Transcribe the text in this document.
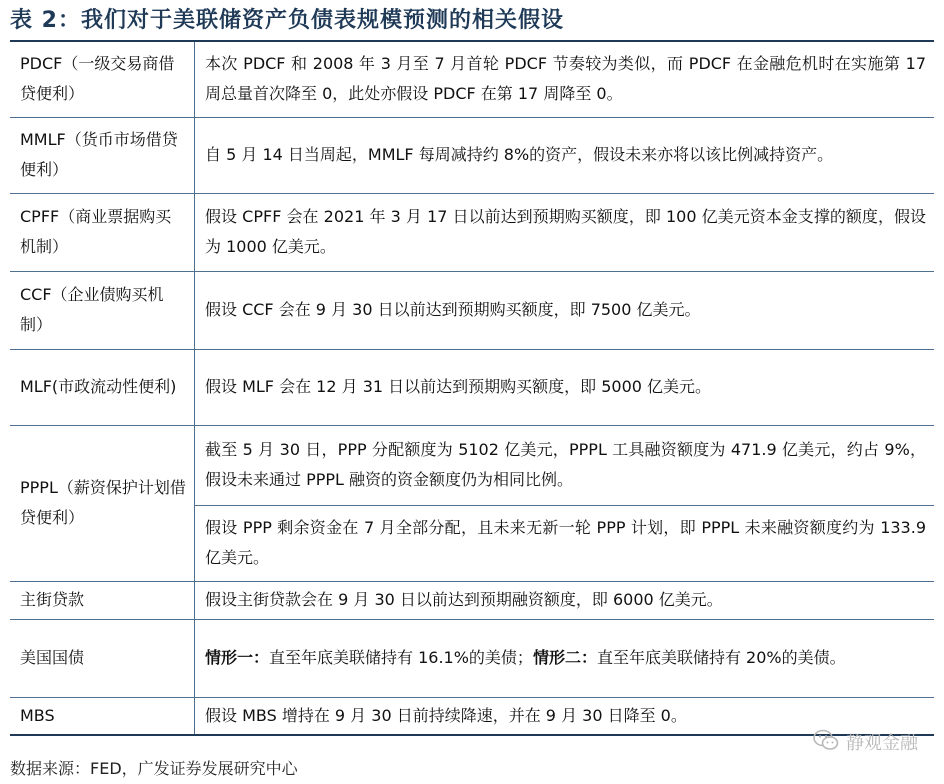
表 2：我们对于美联储资产负债表规模预测的相关假设
PDCF（一级交易商借贷便利）	本次 PDCF 和 2008 年 3 月至 7 月首轮 PDCF 节奏较为类似，而 PDCF 在金融危机时在实施第 17 周总量首次降至 0，此处亦假设 PDCF 在第 17 周降至 0。
MMLF（货币市场借贷便利）	自 5 月 14 日当周起，MMLF 每周减持约 8%的资产，假设未来亦将以该比例减持资产。
CPFF（商业票据购买机制）	假设 CPFF 会在 2021 年 3 月 17 日以前达到预期购买额度，即 100 亿美元资本金支撑的额度，假设为 1000 亿美元。
CCF（企业债购买机制）	假设 CCF 会在 9 月 30 日以前达到预期购买额度，即 7500 亿美元。
MLF(市政流动性便利)	假设 MLF 会在 12 月 31 日以前达到预期购买额度，即 5000 亿美元。
PPPL（薪资保护计划借贷便利）	截至 5 月 30 日，PPP 分配额度为 5102 亿美元，PPPL 工具融资额度为 471.9 亿美元，约占 9%，假设未来通过 PPPL 融资的资金额度仍为相同比例。
	假设 PPP 剩余资金在 7 月全部分配，且未来无新一轮 PPP 计划，即 PPPL 未来融资额度约为 133.9 亿美元。
主街贷款	假设主街贷款会在 9 月 30 日以前达到预期融资额度，即 6000 亿美元。
美国国债	情形一：直至年底美联储持有 16.1%的美债；情形二：直至年底美联储持有 20%的美债。
MBS	假设 MBS 增持在 9 月 30 日前持续降速，并在 9 月 30 日降至 0。
数据来源：FED，广发证券发展研究中心
静观金融
